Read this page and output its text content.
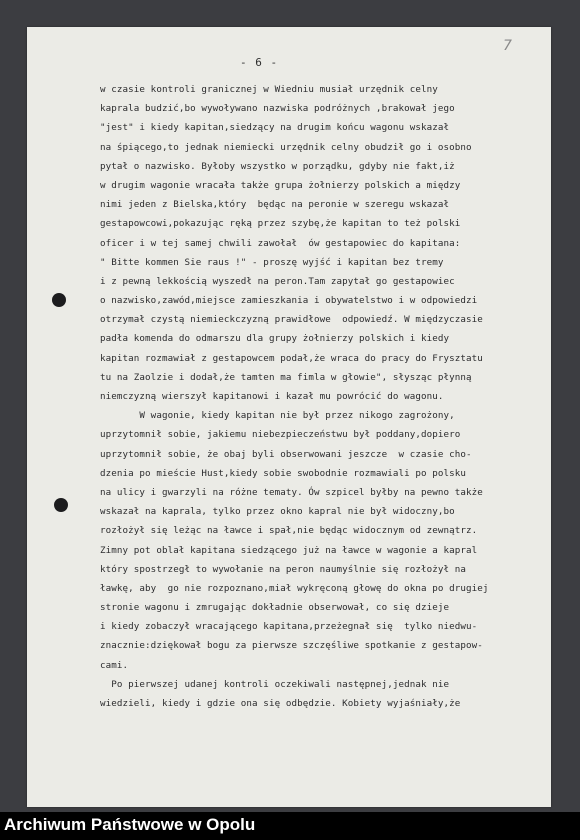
- 6 -
7
w czasie kontroli granicznej w Wiedniu musiał urzędnik celny
kaprala budzić,bo wywoływano nazwiska podróżnych ,brakował jego
"jest" i kiedy kapitan,siedzący na drugim końcu wagonu wskazał
na śpiącego,to jednak niemiecki urzędnik celny obudził go i osobno
pytał o nazwisko. Byłoby wszystko w porządku, gdyby nie fakt,iż
w drugim wagonie wracała także grupa żołnierzy polskich a między
nimi jeden z Bielska,który  będąc na peronie w szeregu wskazał
gestapowcowi,pokazując ręką przez szybę,że kapitan to też polski
oficer i w tej samej chwili zawołał  ów gestapowiec do kapitana:
" Bitte kommen Sie raus !" - proszę wyjść i kapitan bez tremy
i z pewną lekkością wyszedł na peron.Tam zapytał go gestapowiec
o nazwisko,zawód,miejsce zamieszkania i obywatelstwo i w odpowiedzi
otrzymał czystą niemieckczyzną prawidłowe  odpowiedź. W międzyczasie
padła komenda do odmarszu dla grupy żołnierzy polskich i kiedy
kapitan rozmawiał z gestapowcem podał,że wraca do pracy do Frysztatu
tu na Zaolzie i dodał,że tamten ma fimla w głowie", słysząc płynną
niemczyzną wierszył kapitanowi i kazał mu powrócić do wagonu.
W wagonie, kiedy kapitan nie był przez nikogo zagrożony,
uprzytomnił sobie, jakiemu niebezpieczeństwu był poddany,dopiero
uprzytomnił sobie, że obaj byli obserwowani jeszcze  w czasie cho-
dzenia po mieście Hust,kiedy sobie swobodnie rozmawiali po polsku
na ulicy i gwarzyli na różne tematy. Ów szpicel byłby na pewno także
wskazał na kaprala, tylko przez okno kapral nie był widoczny,bo
rozłożył się leżąc na ławce i spał,nie będąc widocznym od zewnątrz.
Zimny pot oblał kapitana siedzącego już na ławce w wagonie a kapral
który spostrzegł to wywołanie na peron naumyślnie się rozłożył na
ławkę, aby  go nie rozpoznano,miał wykręconą głowę do okna po drugiej
stronie wagonu i zmrugając dokładnie obserwował, co się dzieje
i kiedy zobaczył wracającego kapitana,przeżegnał się  tylko niedwu-
znacznie:dziękował bogu za pierwsze szczęśliwe spotkanie z gestapow-
cami.
Po pierwszej udanej kontroli oczekiwali następnej,jednak nie
wiedzieli, kiedy i gdzie ona się odbędzie. Kobiety wyjaśniały,że
Archiwum Państwowe w Opolu
